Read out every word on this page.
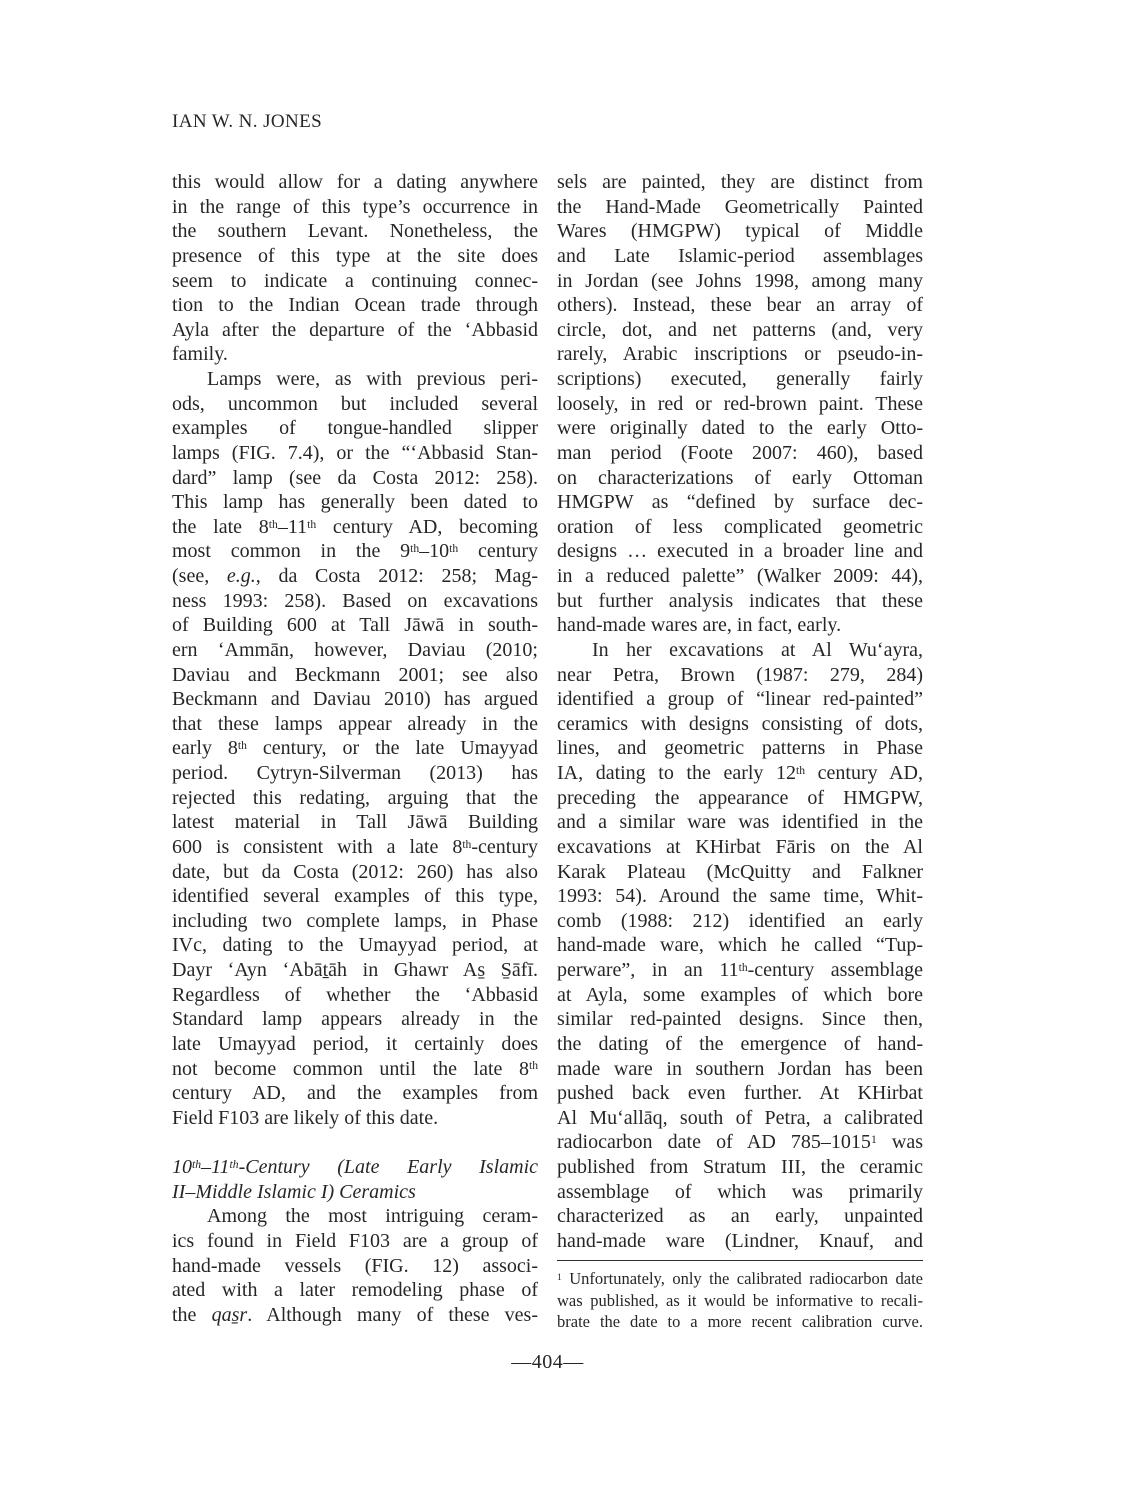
IAN W. N. JONES
this would allow for a dating anywhere
in the range of this type’s occurrence in
the southern Levant. Nonetheless, the
presence of this type at the site does
seem to indicate a continuing connec-
tion to the Indian Ocean trade through
Ayla after the departure of the ‘Abbasid
family.
Lamps were, as with previous peri-
ods, uncommon but included several
examples of tongue-handled slipper
lamps (FIG. 7.4), or the “‘Abbasid Stan-
dard” lamp (see da Costa 2012: 258).
This lamp has generally been dated to
the late 8th–11th century AD, becoming
most common in the 9th–10th century
(see, e.g., da Costa 2012: 258; Mag-
ness 1993: 258). Based on excavations
of Building 600 at Tall Jāwā in south-
ern ‘Ammān, however, Daviau (2010;
Daviau and Beckmann 2001; see also
Beckmann and Daviau 2010) has argued
that these lamps appear already in the
early 8th century, or the late Umayyad
period. Cytryn-Silverman (2013) has
rejected this redating, arguing that the
latest material in Tall Jāwā Building
600 is consistent with a late 8th-century
date, but da Costa (2012: 260) has also
identified several examples of this type,
including two complete lamps, in Phase
IVc, dating to the Umayyad period, at
Dayr ‘Ayn ‘Abāṯāh in Ghawr As̱ S̱āfī.
Regardless of whether the ‘Abbasid
Standard lamp appears already in the
late Umayyad period, it certainly does
not become common until the late 8th
century AD, and the examples from
Field F103 are likely of this date.
10th–11th-Century (Late Early Islamic
II–Middle Islamic I) Ceramics
Among the most intriguing ceram-
ics found in Field F103 are a group of
hand-made vessels (FIG. 12) associ-
ated with a later remodeling phase of
the qas̱r. Although many of these ves-
sels are painted, they are distinct from
the Hand-Made Geometrically Painted
Wares (HMGPW) typical of Middle
and Late Islamic-period assemblages
in Jordan (see Johns 1998, among many
others). Instead, these bear an array of
circle, dot, and net patterns (and, very
rarely, Arabic inscriptions or pseudo-in-
scriptions) executed, generally fairly
loosely, in red or red-brown paint. These
were originally dated to the early Otto-
man period (Foote 2007: 460), based
on characterizations of early Ottoman
HMGPW as “defined by surface dec-
oration of less complicated geometric
designs … executed in a broader line and
in a reduced palette” (Walker 2009: 44),
but further analysis indicates that these
hand-made wares are, in fact, early.
In her excavations at Al Wu‘ayra,
near Petra, Brown (1987: 279, 284)
identified a group of “linear red-painted”
ceramics with designs consisting of dots,
lines, and geometric patterns in Phase
IA, dating to the early 12th century AD,
preceding the appearance of HMGPW,
and a similar ware was identified in the
excavations at KHirbat Fāris on the Al
Karak Plateau (McQuitty and Falkner
1993: 54). Around the same time, Whit-
comb (1988: 212) identified an early
hand-made ware, which he called “Tup-
perware”, in an 11th-century assemblage
at Ayla, some examples of which bore
similar red-painted designs. Since then,
the dating of the emergence of hand-
made ware in southern Jordan has been
pushed back even further. At KHirbat
Al Mu‘allāq, south of Petra, a calibrated
radiocarbon date of AD 785–1015$^1$ was
published from Stratum III, the ceramic
assemblage of which was primarily
characterized as an early, unpainted
hand-made ware (Lindner, Knauf, and
$^1$ Unfortunately, only the calibrated radiocarbon date
was published, as it would be informative to recali-
brate the date to a more recent calibration curve.
—404—
